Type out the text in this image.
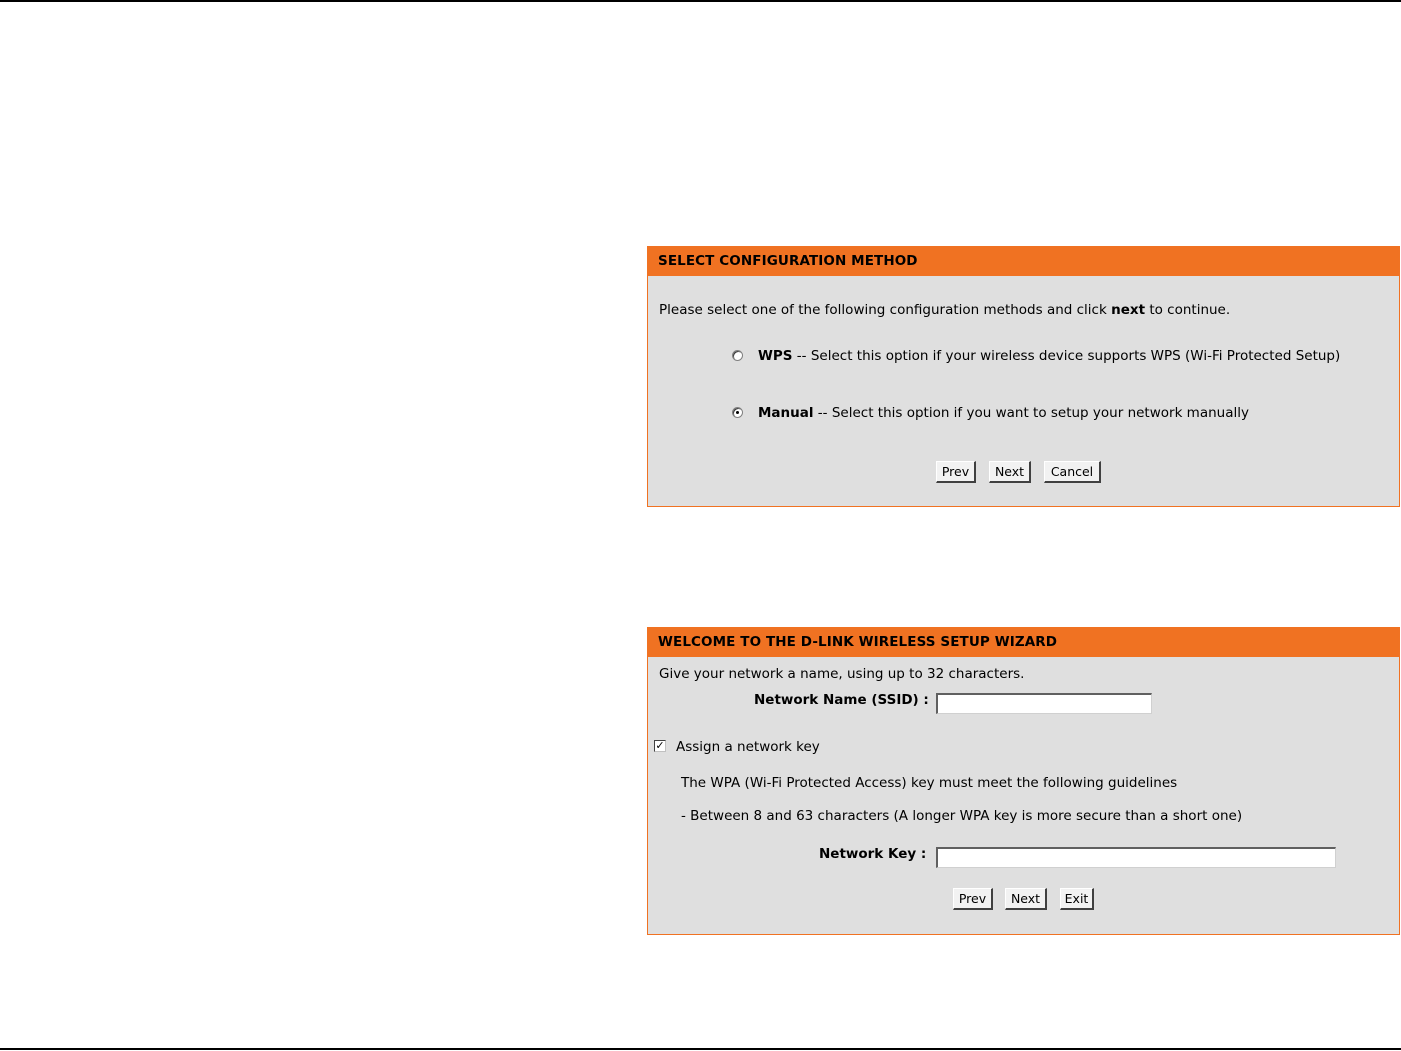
SELECT CONFIGURATION METHOD
Please select one of the following configuration methods and click next to continue.
WPS -- Select this option if your wireless device supports WPS (Wi-Fi Protected Setup)
Manual -- Select this option if you want to setup your network manually
Prev	Next	Cancel
WELCOME TO THE D-LINK WIRELESS SETUP WIZARD
Give your network a name, using up to 32 characters.
Network Name (SSID) :
✓ Assign a network key
The WPA (Wi-Fi Protected Access) key must meet the following guidelines
- Between 8 and 63 characters (A longer WPA key is more secure than a short one)
Network Key :
Prev	Next	Exit
